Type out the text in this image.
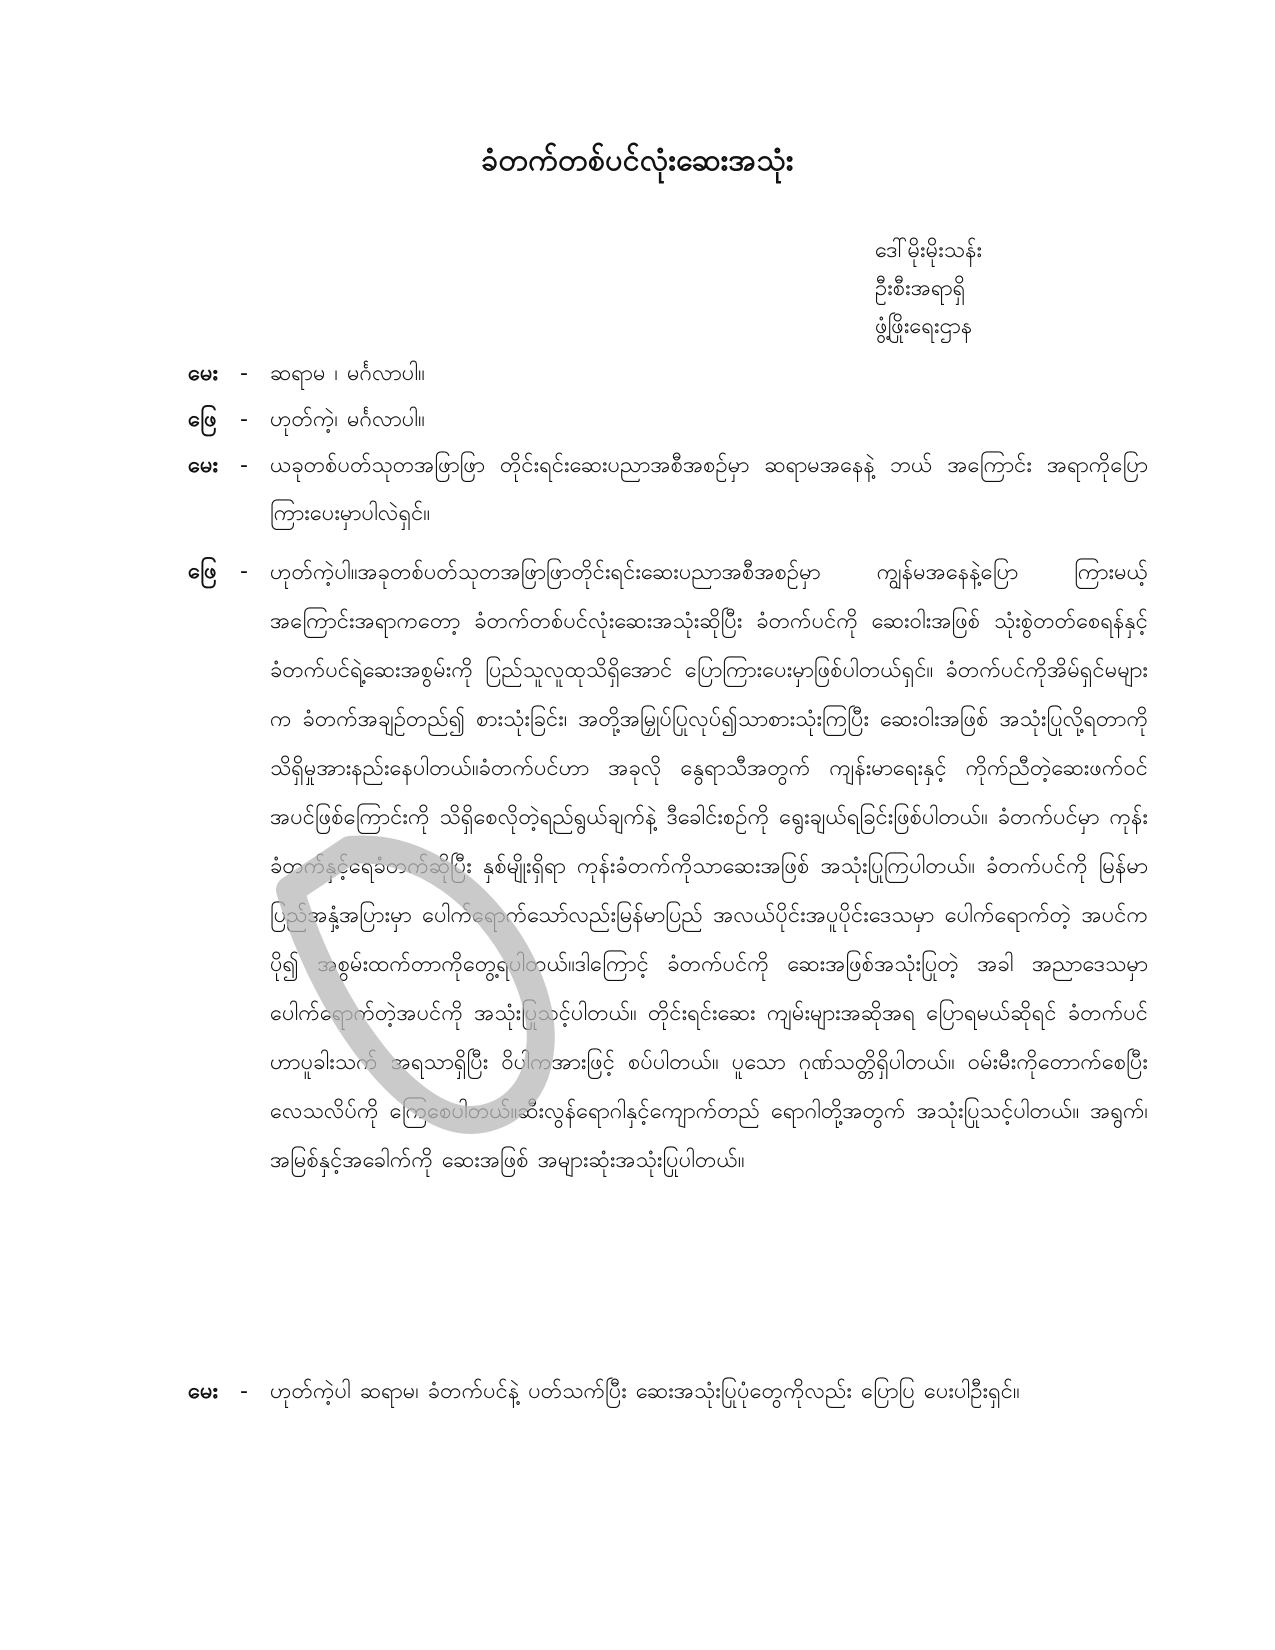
ခံတက်တစ်ပင်လုံးဆေးအသုံး
ဒေါ်မိုးမိုးသန်း
ဦးစီးအရာရှိ
ဖွံ့ဖြိုးရေးဌာန
မေး -	ဆရာမ ၊ မင်္ဂလာပါ။
ဖြေ	-	ဟုတ်ကဲ့၊ မင်္ဂလာပါ။
မေး -	ယခုတစ်ပတ်သုတအဖြာဖြာ တိုင်းရင်းဆေးပညာအစီအစဉ်မှာ ဆရာမအနေနဲ့ ဘယ် အကြောင်း အရာကိုပြောကြားပေးမှာပါလဲရှင်။
ဖြေ	-	ဟုတ်ကဲ့ပါ။အခုတစ်ပတ်သုတအဖြာဖြာတိုင်းရင်းဆေးပညာအစီအစဉ်မှာ ကျွန်မအနေနဲ့ပြော ကြားမယ့် အကြောင်းအရာကတော့ ခံတက်တစ်ပင်လုံးဆေးအသုံးဆိုပြီး ခံတက်ပင်ကို ဆေးဝါးအဖြစ် သုံးစွဲတတ်စေရန်နှင့် ခံတက်ပင်ရဲ့ဆေးအစွမ်းကို ပြည်သူလူထုသိရှိအောင် ပြောကြားပေးမှာဖြစ်ပါတယ်ရှင်။ ခံတက်ပင်ကိုအိမ်ရှင်မများက ခံတက်အချဉ်တည်၍ စားသုံးခြင်း၊ အတို့အမြှုပ်ပြုလုပ်၍သာစားသုံးကြပြီး ဆေးဝါးအဖြစ် အသုံးပြုလို့ရတာကို သိရှိမှုအားနည်းနေပါတယ်။ခံတက်ပင်ဟာ အခုလို နွေရာသီအတွက် ကျန်းမာရေးနှင့် ကိုက်ညီတဲ့ဆေးဖက်ဝင်အပင်ဖြစ်ကြောင်းကို သိရှိစေလိုတဲ့ရည်ရွယ်ချက်နဲ့ ဒီခေါင်းစဉ်ကို ရွေးချယ်ရခြင်းဖြစ်ပါတယ်။ ခံတက်ပင်မှာ ကုန်းခံတက်နှင့်ရေခံတက်ဆိုပြီး နှစ်မျိုးရှိရာ ကုန်းခံတက်ကိုသာဆေးအဖြစ် အသုံးပြုကြပါတယ်။ ခံတက်ပင်ကို မြန်မာပြည်အနှံ့အပြားမှာ ပေါက်ရောက်သော်လည်းမြန်မာပြည် အလယ်ပိုင်းအပူပိုင်းဒေသမှာ ပေါက်ရောက်တဲ့ အပင်ကပို၍ အစွမ်းထက်တာကိုတွေ့ရပါတယ်။ဒါကြောင့် ခံတက်ပင်ကို ဆေးအဖြစ်အသုံးပြုတဲ့ အခါ အညာဒေသမှာ ပေါက်ရောက်တဲ့အပင်ကို အသုံးပြုသင့်ပါတယ်။ တိုင်းရင်းဆေး ကျမ်းများအဆိုအရ ပြောရမယ်ဆိုရင် ခံတက်ပင်ဟာပူခါးသက် အရသာရှိပြီး ဝိပါကအားဖြင့် စပ်ပါတယ်။ ပူသော ဂုဏ်သတ္တိရှိပါတယ်။ ဝမ်းမီးကိုတောက်စေပြီး လေသလိပ်ကို ကြေစေပါတယ်။ဆီးလွန်ရောဂါနှင့်ကျောက်တည် ရောဂါတို့အတွက် အသုံးပြုသင့်ပါတယ်။ အရွက်၊ အမြစ်နှင့်အခေါက်ကို ဆေးအဖြစ် အများဆုံးအသုံးပြုပါတယ်။
မေး -	ဟုတ်ကဲ့ပါ ဆရာမ၊ ခံတက်ပင်နဲ့ ပတ်သက်ပြီး ဆေးအသုံးပြုပုံတွေကိုလည်း ပြောပြ ပေးပါဦးရှင်။
